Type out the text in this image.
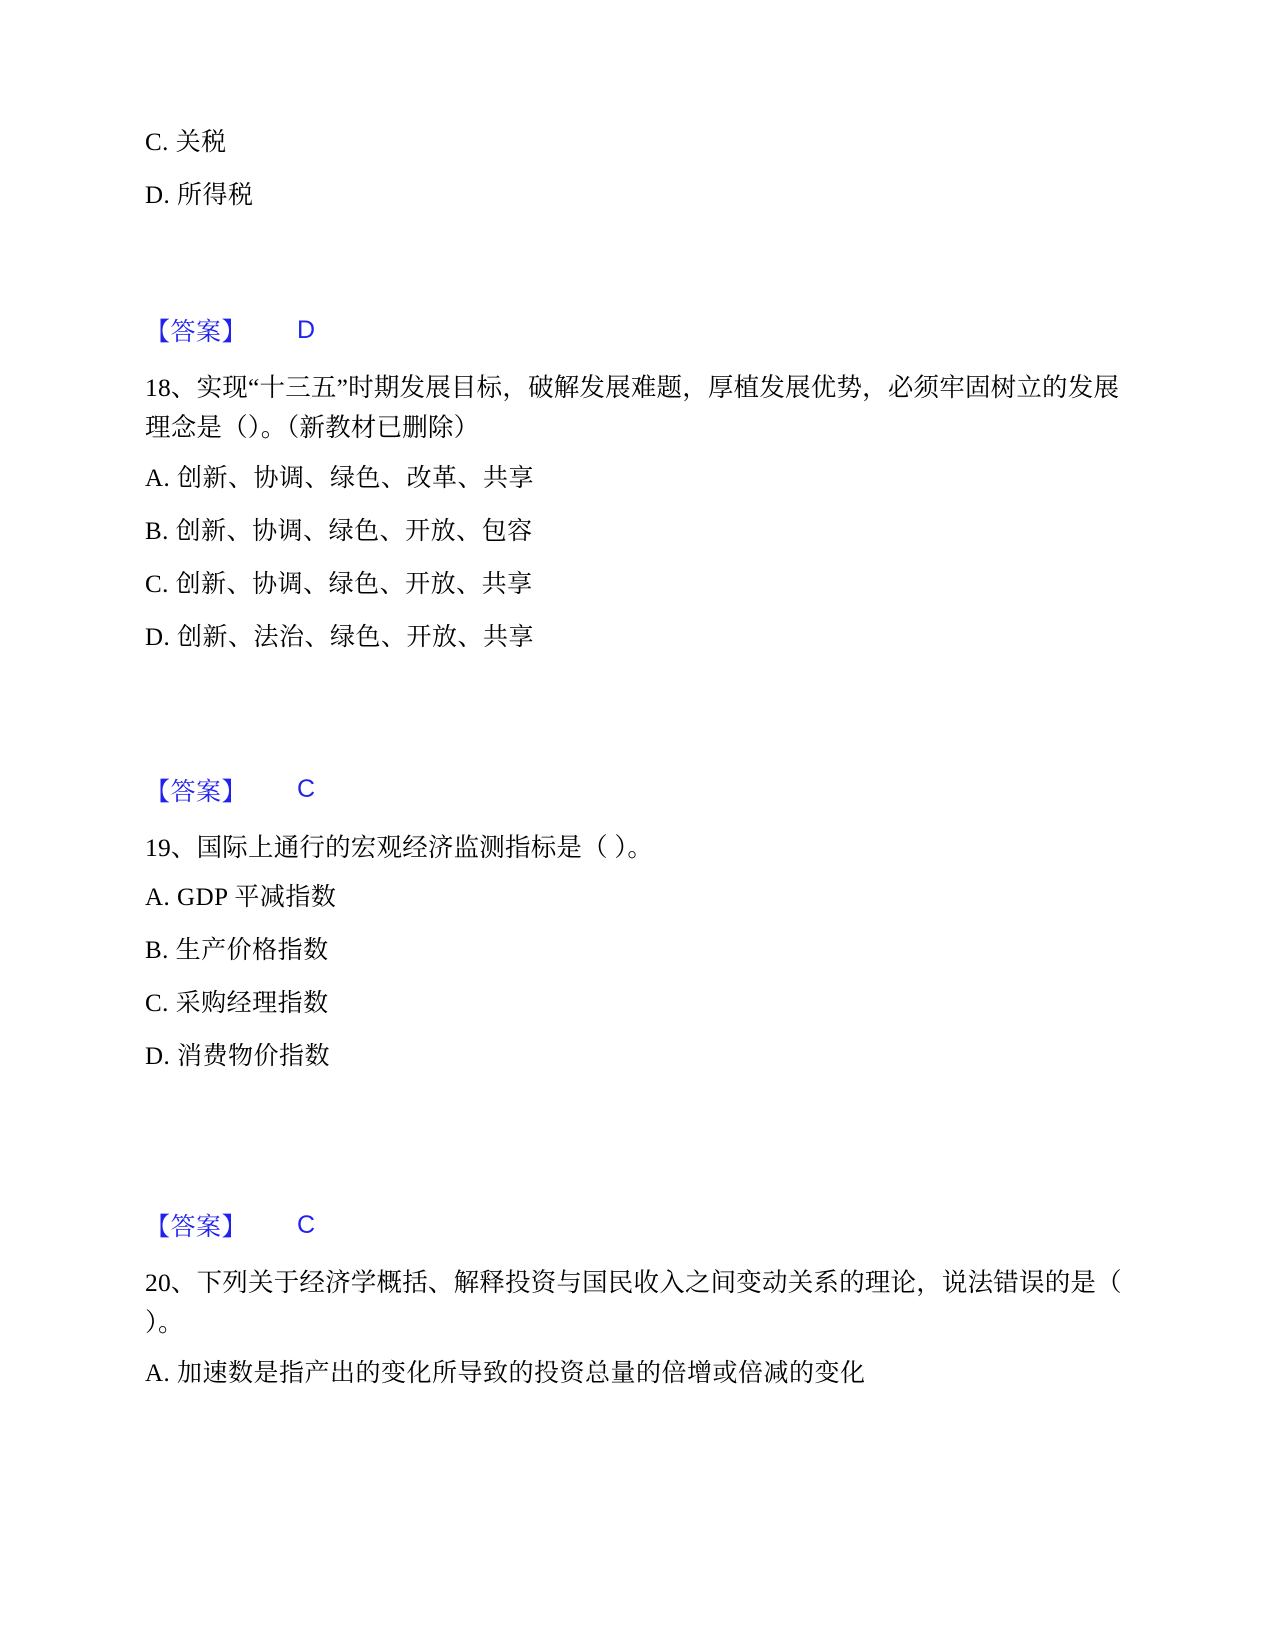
C. 关税
D. 所得税
【答案】 D
18、实现“十三五”时期发展目标，破解发展难题，厚植发展优势，必须牢固树立的发展理念是（）。（新教材已删除）
A. 创新、协调、绿色、改革、共享
B. 创新、协调、绿色、开放、包容
C. 创新、协调、绿色、开放、共享
D. 创新、法治、绿色、开放、共享
【答案】 C
19、国际上通行的宏观经济监测指标是（ ）。
A. GDP 平减指数
B. 生产价格指数
C. 采购经理指数
D. 消费物价指数
【答案】 C
20、下列关于经济学概括、解释投资与国民收入之间变动关系的理论，说法错误的是（ ）。
A. 加速数是指产出的变化所导致的投资总量的倍增或倍减的变化
